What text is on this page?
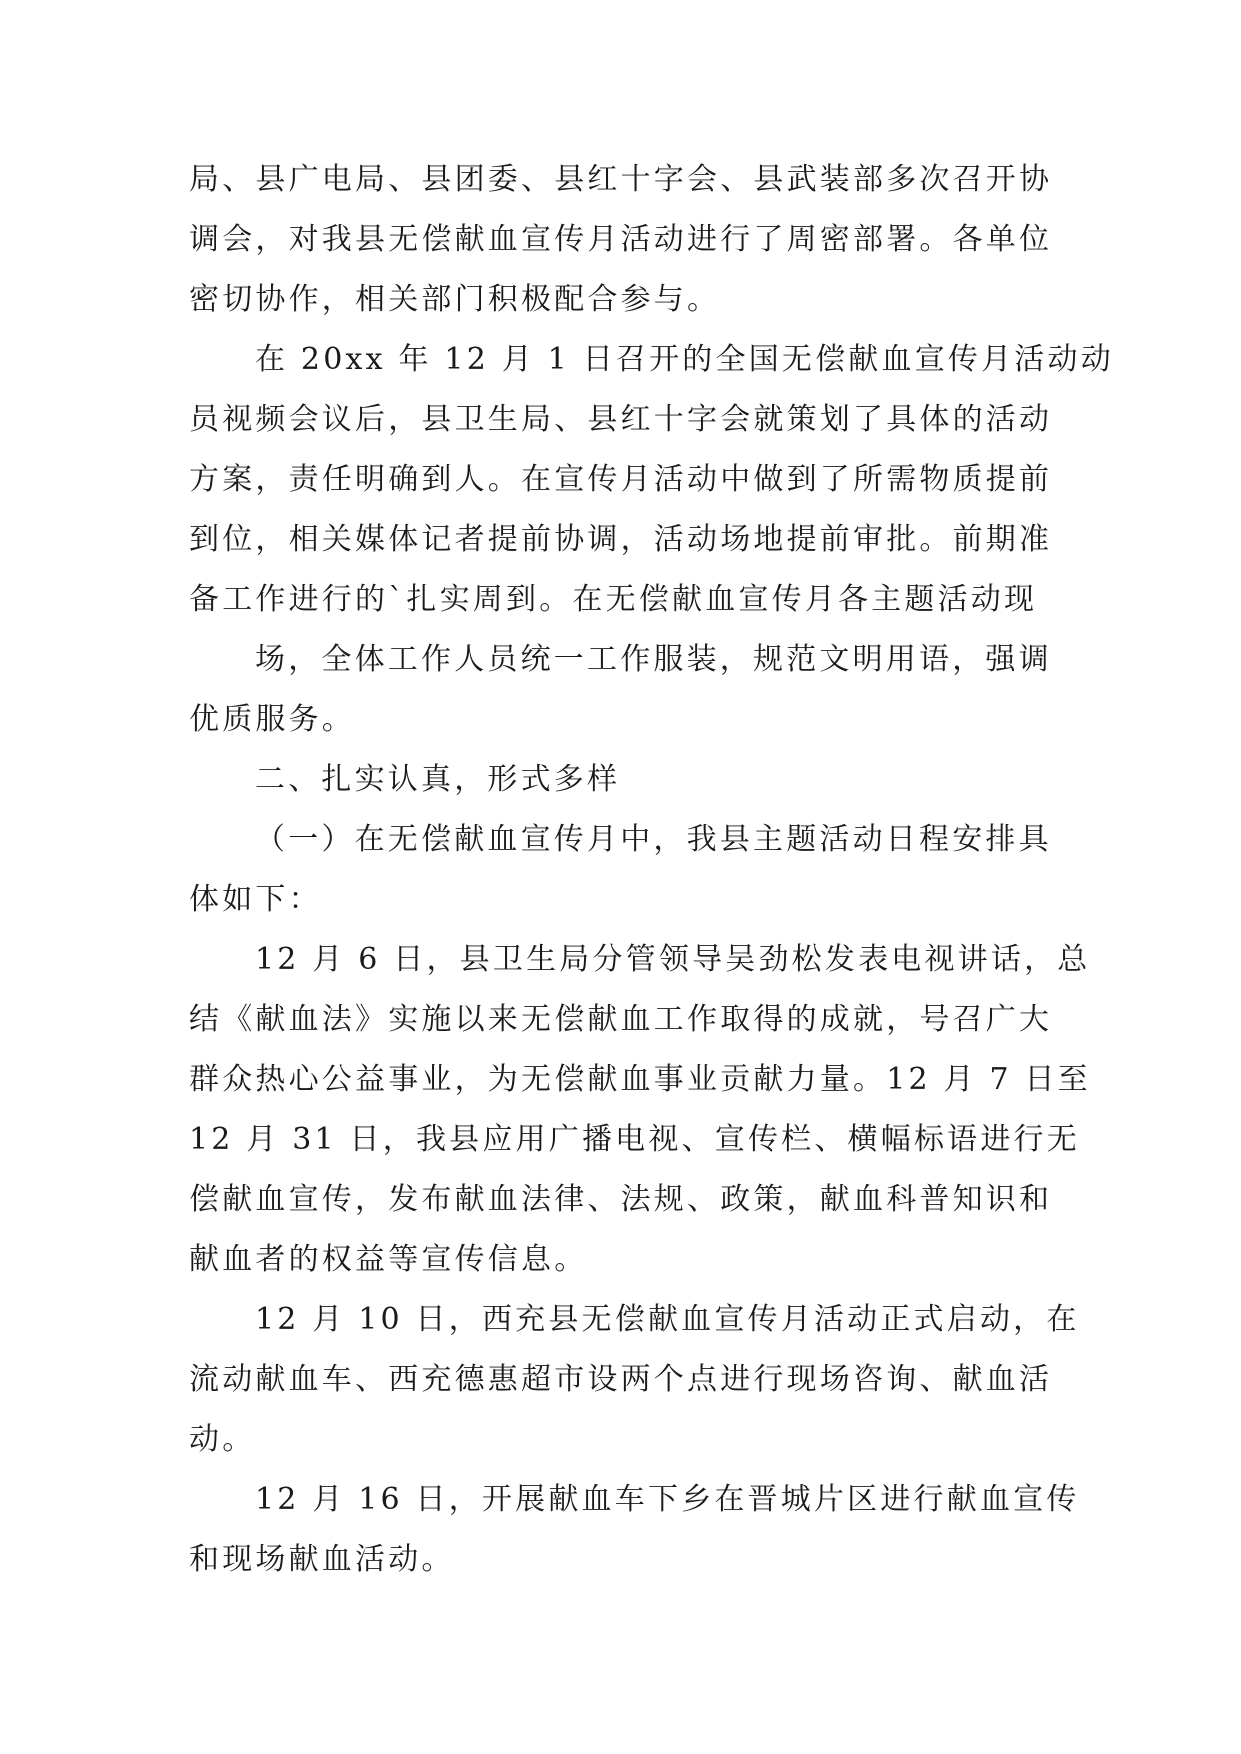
局、县广电局、县团委、县红十字会、县武装部多次召开协
调会，对我县无偿献血宣传月活动进行了周密部署。各单位
密切协作，相关部门积极配合参与。
在 20xx 年 12 月 1 日召开的全国无偿献血宣传月活动动
员视频会议后，县卫生局、县红十字会就策划了具体的活动
方案，责任明确到人。在宣传月活动中做到了所需物质提前
到位，相关媒体记者提前协调，活动场地提前审批。前期准
备工作进行的`扎实周到。在无偿献血宣传月各主题活动现
场，全体工作人员统一工作服装，规范文明用语，强调
优质服务。
二、扎实认真，形式多样
（一）在无偿献血宣传月中，我县主题活动日程安排具
体如下：
12 月 6 日，县卫生局分管领导吴劲松发表电视讲话，总
结《献血法》实施以来无偿献血工作取得的成就，号召广大
群众热心公益事业，为无偿献血事业贡献力量。12 月 7 日至
12 月 31 日，我县应用广播电视、宣传栏、横幅标语进行无
偿献血宣传，发布献血法律、法规、政策，献血科普知识和
献血者的权益等宣传信息。
12 月 10 日，西充县无偿献血宣传月活动正式启动，在
流动献血车、西充德惠超市设两个点进行现场咨询、献血活
动。
12 月 16 日，开展献血车下乡在晋城片区进行献血宣传
和现场献血活动。
